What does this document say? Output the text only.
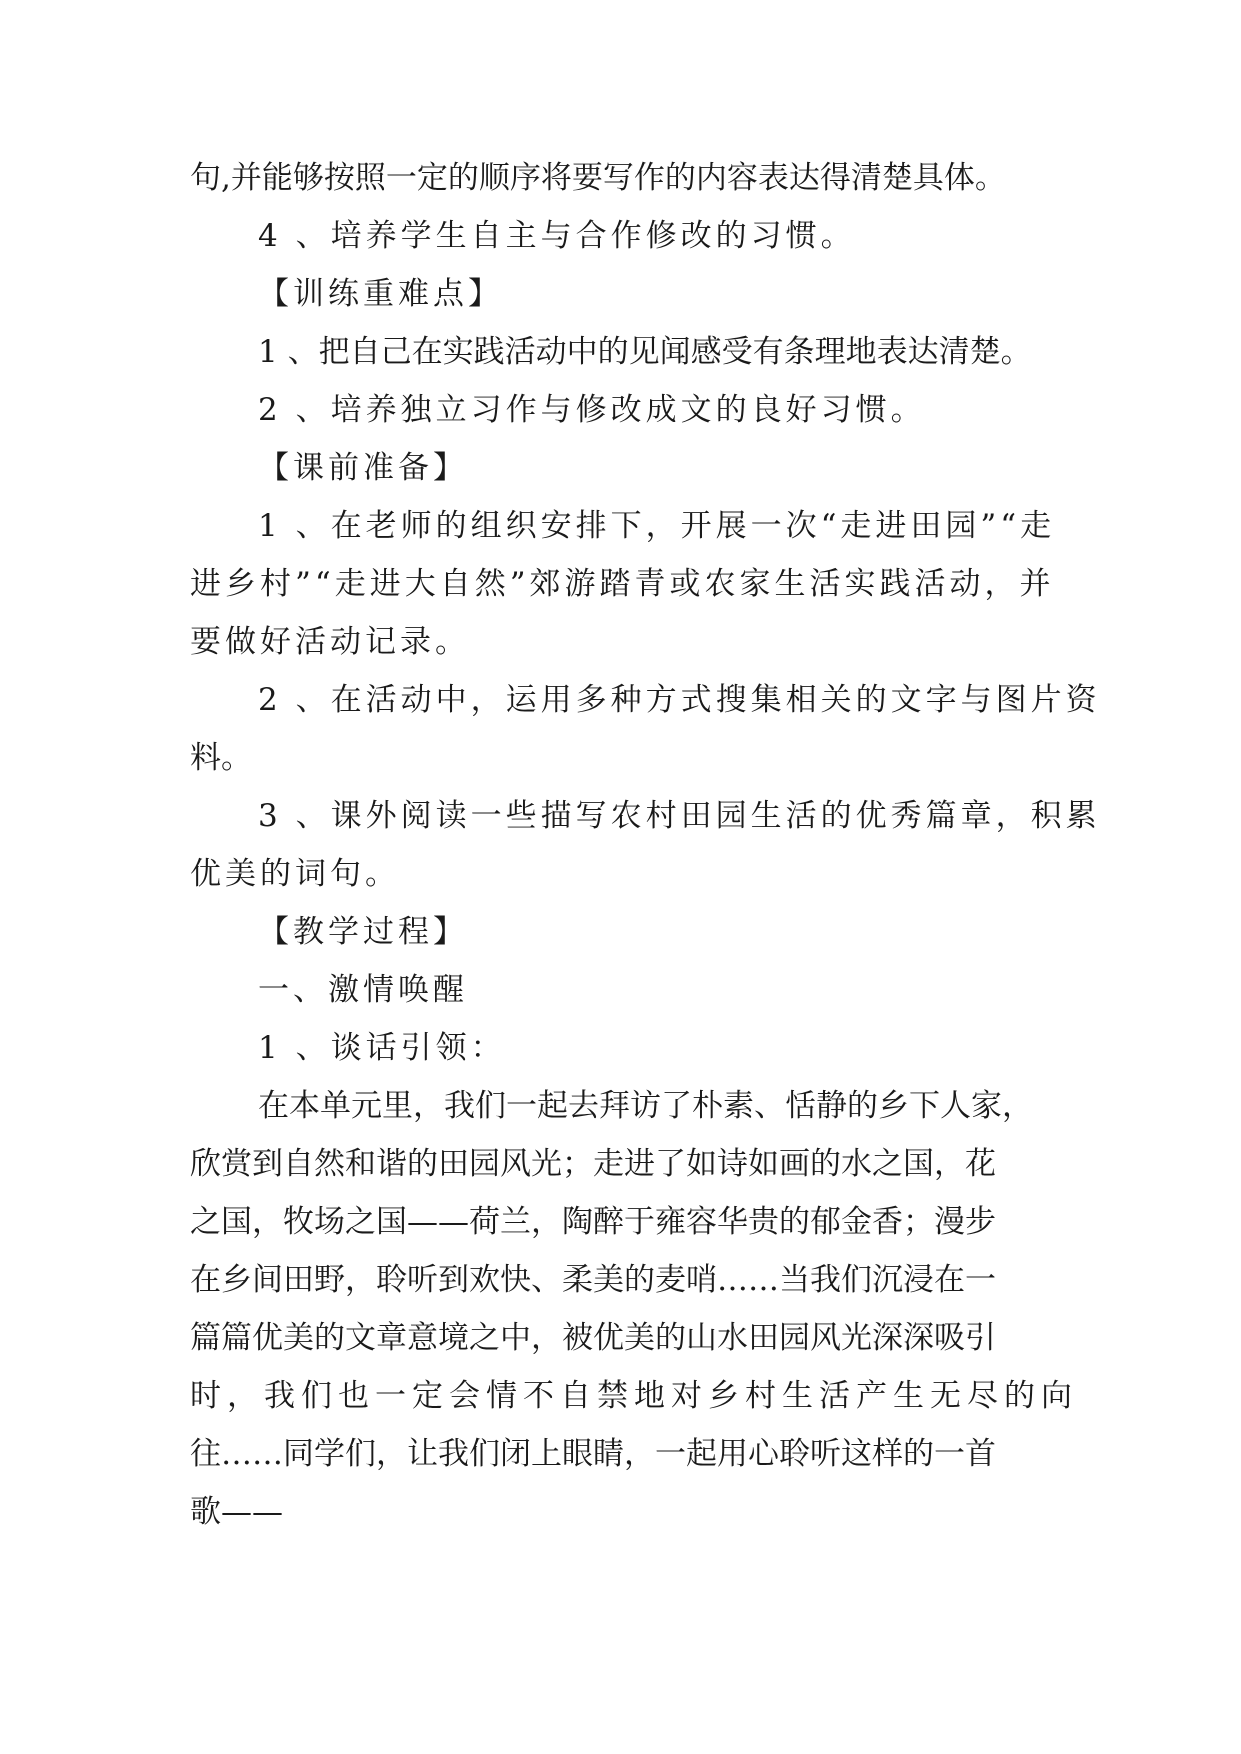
句,并能够按照一定的顺序将要写作的内容表达得清楚具体。
4 、培养学生自主与合作修改的习惯。
【训练重难点】
1 、把自己在实践活动中的见闻感受有条理地表达清楚。
2 、培养独立习作与修改成文的良好习惯。
【课前准备】
1 、在老师的组织安排下，开展一次“走进田园”“走
进乡村”“走进大自然”郊游踏青或农家生活实践活动，并
要做好活动记录。
2 、在活动中，运用多种方式搜集相关的文字与图片资
料。
3 、课外阅读一些描写农村田园生活的优秀篇章，积累
优美的词句。
【教学过程】
一、激情唤醒
1 、谈话引领：
在本单元里，我们一起去拜访了朴素、恬静的乡下人家，
欣赏到自然和谐的田园风光；走进了如诗如画的水之国，花
之国，牧场之国——荷兰，陶醉于雍容华贵的郁金香；漫步
在乡间田野，聆听到欢快、柔美的麦哨……当我们沉浸在一
篇篇优美的文章意境之中，被优美的山水田园风光深深吸引
时，我们也一定会情不自禁地对乡村生活产生无尽的向
往……同学们，让我们闭上眼睛，一起用心聆听这样的一首
歌——
